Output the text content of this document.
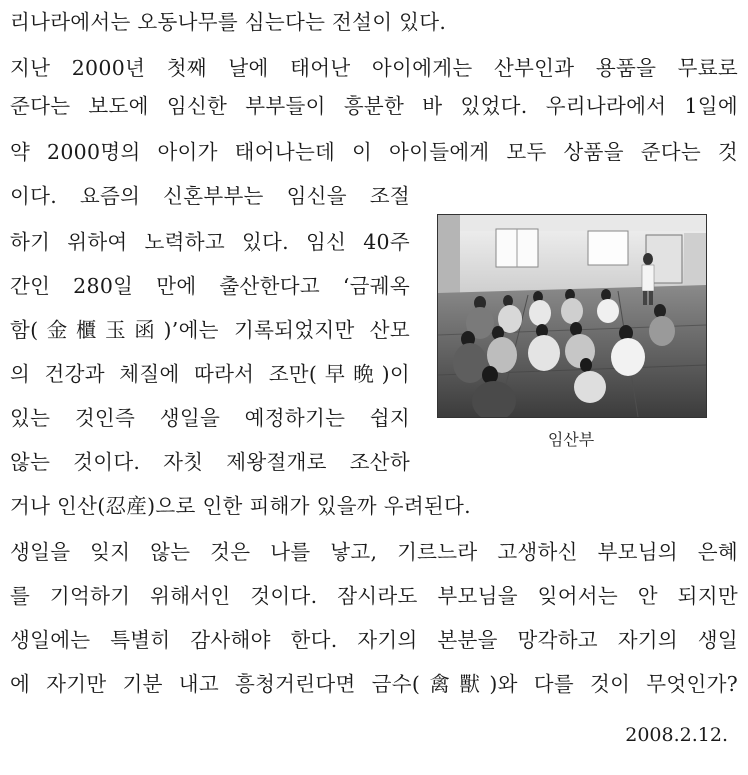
리나라에서는 오동나무를 심는다는 전설이 있다.
지난 2000년 첫째 날에 태어난 아이에게는 산부인과 용품을 무료로
준다는 보도에 임신한 부부들이 흥분한 바 있었다. 우리나라에서 1일에
약 2000명의 아이가 태어나는데 이 아이들에게 모두 상품을 준다는 것
이다. 요즘의 신혼부부는 임신을 조절
하기 위하여 노력하고 있다. 임신 40주
간인 280일 만에 출산한다고 ‘금궤옥
함(金櫃玉函)’에는 기록되었지만 산모
의 건강과 체질에 따라서 조만(早晩)이
있는 것인즉 생일을 예정하기는 쉽지
않는 것이다. 자칫 제왕절개로 조산하
거나 인산(忍産)으로 인한 피해가 있을까 우려된다.
생일을 잊지 않는 것은 나를 낳고, 기르느라 고생하신 부모님의 은혜
를 기억하기 위해서인 것이다. 잠시라도 부모님을 잊어서는 안 되지만
생일에는 특별히 감사해야 한다. 자기의 본분을 망각하고 자기의 생일
에 자기만 기분 내고 흥청거린다면 금수(禽獸)와 다를 것이 무엇인가?
임산부
2008.2.12.
